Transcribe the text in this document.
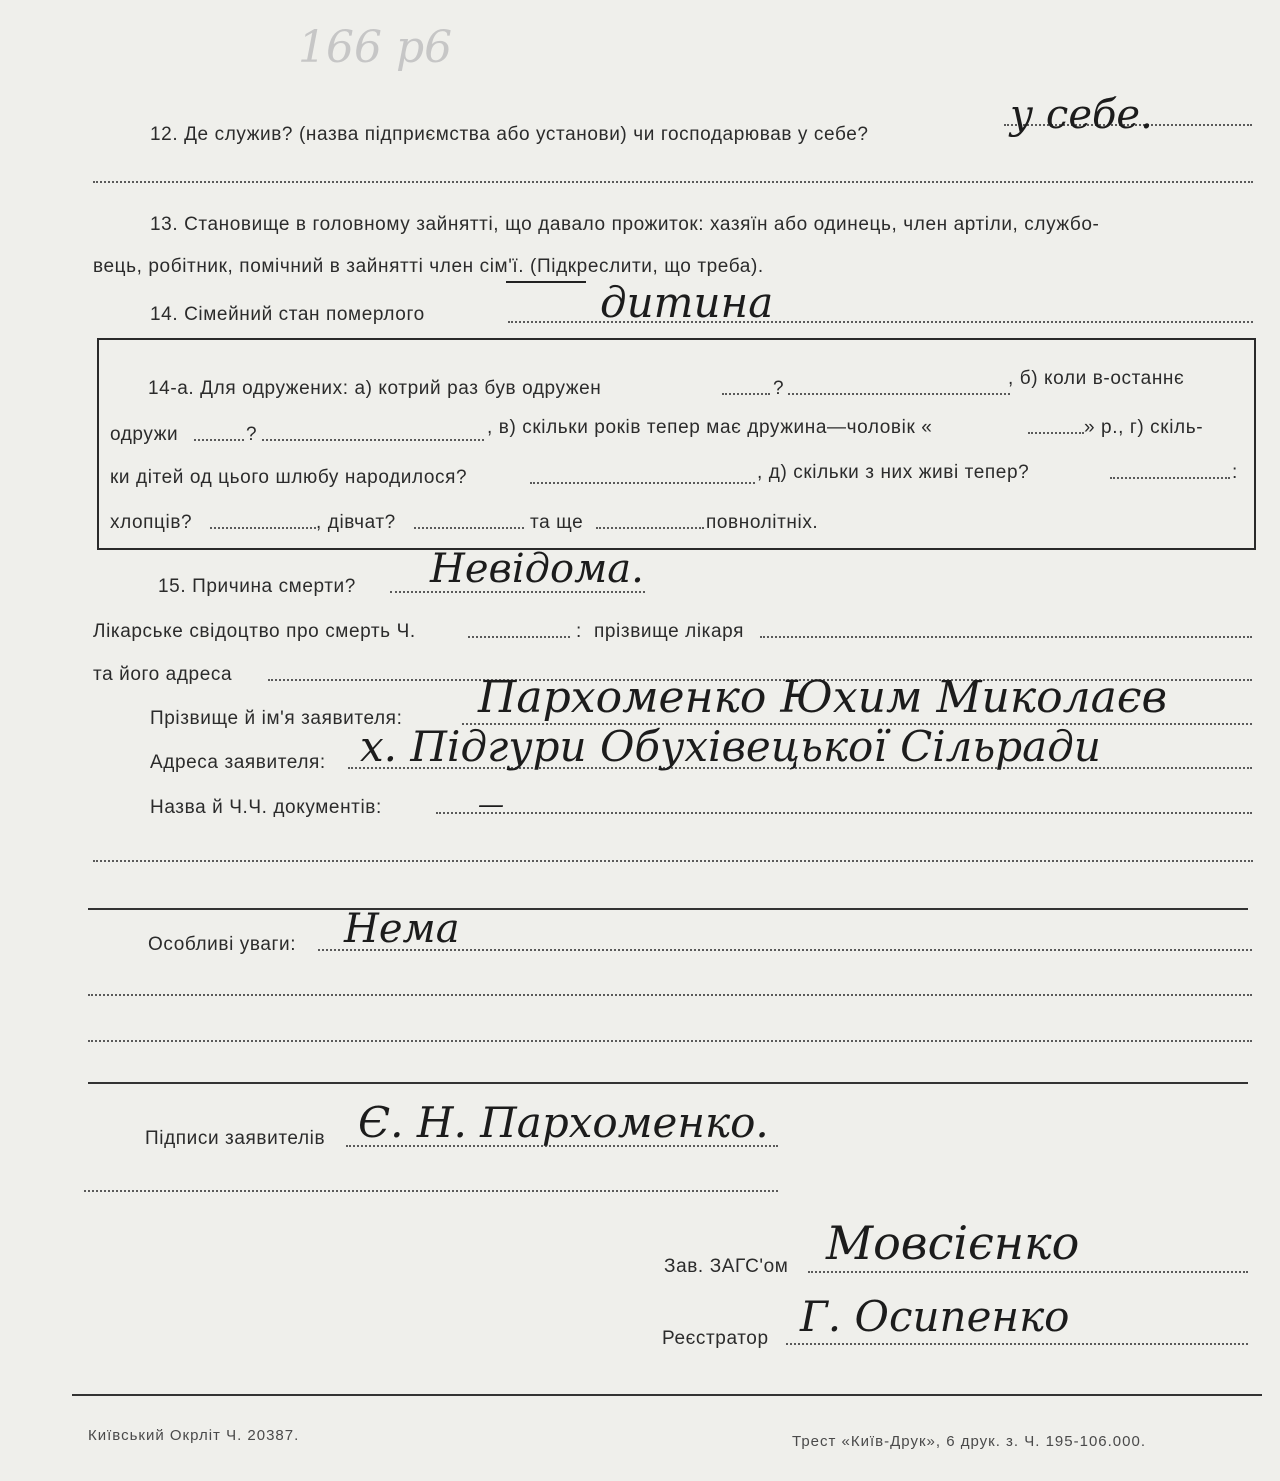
166 р6
12. Де служив? (назва підприємства або установи) чи господарював у себе?	у себе.
13. Становище в головному зайнятті, що давало прожиток: хазяїн або одинець, член артіли, службо-
вець, робітник, помічний в зайнятті член сім'ї. (Підкреслити, що треба).
14. Сімейний стан померлого	дитина
14-а. Для одружених: а) котрий раз був одружен	?	, б) коли в-останнє
одружи	?	, в) скільки років тепер має дружина—чоловік «	» р., г) скіль-
ки дітей од цього шлюбу народилося?	, д) скільки з них живі тепер?	:
хлопців?	, дівчат?	та ще	повнолітніх.
15. Причина смерти? Невідома.
Лікарське свідоцтво про смерть Ч.	: прізвище лікаря
та його адреса
Прізвище й ім'я заявителя: Пархоменко Юхим Миколаєв
Адреса заявителя: х. Підгури Обухівецької Сільради
Назва й Ч.Ч. документів:	—
Особливі уваги: Нема
Підписи заявителів Є. Н. Пархоменко.
Зав. ЗАГС'ом Мовсієнко
Реєстратор Г. Осипенко
Київський Окрліт Ч. 20387.	Трест «Київ-Друк», 6 друк. з. Ч. 195-106.000.
